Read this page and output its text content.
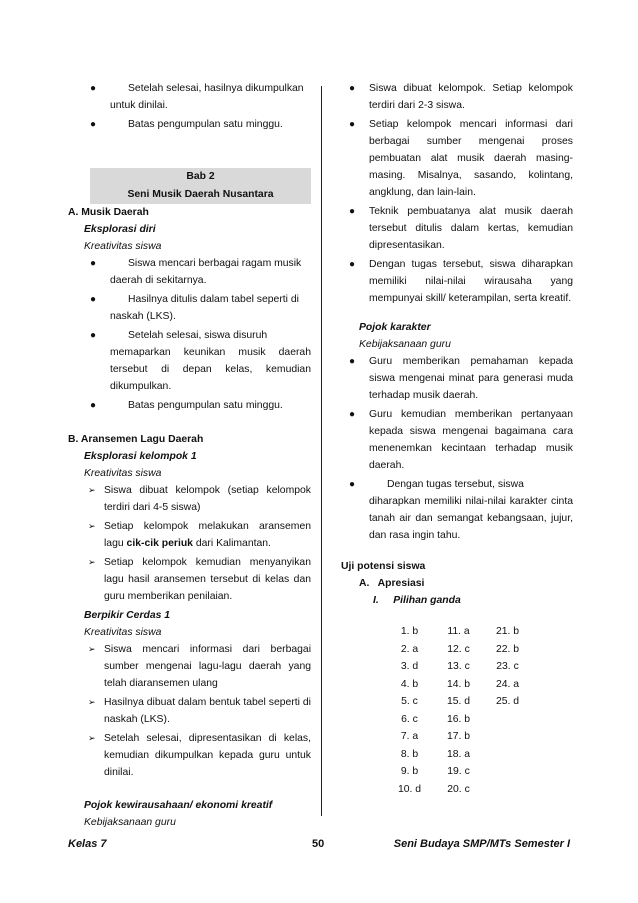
●	Setelah selesai, hasilnya dikumpulkan
untuk dinilai.
●	Batas pengumpulan satu minggu.
Bab 2
Seni Musik Daerah Nusantara
A. Musik Daerah
Eksplorasi diri
Kreativitas siswa
●	Siswa mencari berbagai ragam musik daerah di sekitarnya.
●	Hasilnya ditulis dalam tabel seperti di naskah (LKS).
●	Setelah selesai, siswa disuruh memaparkan keunikan musik daerah tersebut di depan kelas, kemudian dikumpulkan.
●	Batas pengumpulan satu minggu.
B. Aransemen Lagu Daerah
Eksplorasi kelompok 1
Kreativitas siswa
➢ Siswa dibuat kelompok (setiap kelompok terdiri dari 4-5 siswa)
➢ Setiap kelompok melakukan aransemen lagu cik-cik periuk dari Kalimantan.
➢ Setiap kelompok kemudian menyanyikan lagu hasil aransemen tersebut di kelas dan guru memberikan penilaian.
Berpikir Cerdas 1
Kreativitas siswa
➢ Siswa mencari informasi dari berbagai sumber mengenai lagu-lagu daerah yang telah diaransemen ulang
➢ Hasilnya dibuat dalam bentuk tabel seperti di naskah (LKS).
➢ Setelah selesai, dipresentasikan di kelas, kemudian dikumpulkan kepada guru untuk dinilai.
Pojok kewirausahaan/ ekonomi kreatif
Kebijaksanaan guru
● Siswa dibuat kelompok. Setiap kelompok terdiri dari 2-3 siswa.
● Setiap kelompok mencari informasi dari berbagai sumber mengenai proses pembuatan alat musik daerah masing-masing. Misalnya, sasando, kolintang, angklung, dan lain-lain.
● Teknik pembuatanya alat musik daerah tersebut ditulis dalam kertas, kemudian dipresentasikan.
● Dengan tugas tersebut, siswa diharapkan memiliki nilai-nilai wirausaha yang mempunyai skill/ keterampilan, serta kreatif.
Pojok karakter
Kebijaksanaan guru
● Guru memberikan pemahaman kepada siswa mengenai minat para generasi muda terhadap musik daerah.
● Guru kemudian memberikan pertanyaan kepada siswa mengenai bagaimana cara menenemkan kecintaan terhadap musik daerah.
●	Dengan tugas tersebut, siswa diharapkan memiliki nilai-nilai karakter cinta tanah air dan semangat kebangsaan, jujur, dan rasa ingin tahu.
Uji potensi siswa
A.   Apresiasi
I.     Pilihan ganda
1. b	11. a	21. b
2. a	12. c	22. b
3. d	13. c	23. c
4. b	14. b	24. a
5. c	15. d	25. d
6. c	16. b	
7. a	17. b	
8. b	18. a	
9. b	19. c	
10. d	20. c	
Kelas 7	50	Seni Budaya SMP/MTs Semester I
